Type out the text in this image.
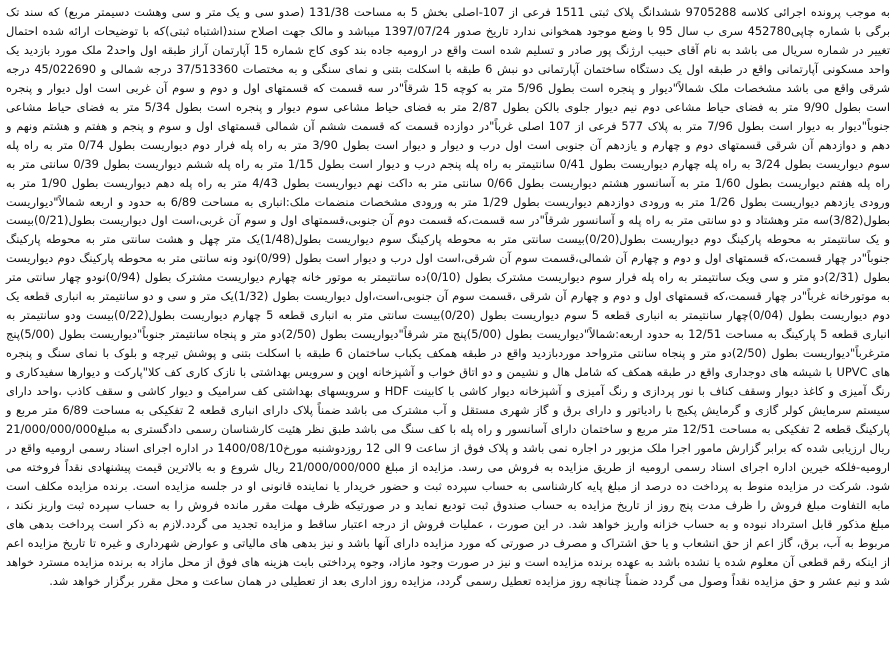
به موجب پرونده اجرائی کلاسه 9705288 ششدانگ پلاک ثبتی 1511 فرعی از 107-اصلی بخش 5 به مساحت 131/38 (صدو سی و یک متر و سی وهشت دسیمتر مربع) که سند تک برگی با شماره چاپی452780 سری ب سال 95 با وضع موجود همخوانی ندارد تاریخ صدور 1397/07/24 میباشد و مالک جهت اصلاح سند(اشتباه ثبتی)که با توضیحات ارائه شده احتمال تغییر در شماره سریال می باشد به نام آقای حبیب ارژنگ پور صادر و تسلیم شده است واقع در ارومیه جاده بند کوی کاج شماره 15 آپارتمان آراز طبقه اول واحد2 ملک مورد بازدید یک واحد مسکونی آپارتمانی واقع در طبقه اول یک دستگاه ساختمان آپارتمانی دو نبش 6 طبقه با اسکلت بتنی و نمای سنگی و به مختصات 37/513360 درجه شمالی و 45/022690 درجه شرقی واقع می باشد مشخصات ملک شمالاً"دیوار و پنجره است بطول 5/96 متر به کوچه 15 شرقاً"در سه قسمت که قسمتهای اول و دوم و سوم آن غربی است اول دیوار و پنجره است بطول 9/90 متر به فضای حیاط مشاعی دوم نیم دیوار جلوی بالکن بطول 2/87 متر به فضای حیاط مشاعی سوم دیوار و پنجره است بطول 5/34 متر به فضای حیاط مشاعی جنوباً"دیوار به دیوار است بطول 7/96 متر به پلاک 577 فرعی از 107 اصلی غرباً"در دوازده قسمت که قسمت ششم آن شمالی قسمتهای اول و سوم و پنجم و هفتم و هشتم ونهم و دهم و دوازدهم آن شرقی قسمتهای دوم و چهارم و یازدهم آن جنوبی است اول درب و دیوار و دیوار است بطول 3/90 متر به راه پله فرار دوم دیواریست بطول 0/74 متر به راه پله سوم دیواریست بطول 3/24 به راه پله چهارم دیواریست بطول 0/41 سانتیمتر به راه پله پنجم درب و دیوار است بطول 1/15 متر به راه پله ششم دیواریست بطول 0/39 سانتی متر به راه پله هفتم دیواریست بطول 1/60 متر به آسانسور هشتم دیواریست بطول 0/66 سانتی متر به داکت نهم دیواریست بطول 4/43 متر به راه پله دهم دیواریست بطول 1/90 متر به ورودی یازدهم دیواریست بطول 1/26 متر به ورودی دوازدهم دیواریست بطول 1/29 متر به ورودی مشخصات منضمات ملک:انباری به مساحت 6/89 به حدود و اربعه شمالاً"دیواریست بطول(3/82)سه متر وهشتاد و دو سانتی متر به راه پله و آسانسور شرقاً"در سه قسمت،که قسمت دوم آن جنوبی،قسمتهای اول و سوم آن غربی،است اول دیواریست بطول(0/21)بیست و یک سانتیمتر به محوطه پارکینگ دوم دیواریست بطول(0/20)بیست سانتی متر به محوطه پارکینگ سوم دیواریست بطول(1/48)یک متر چهل و هشت سانتی متر به محوطه پارکینگ جنوباً"در چهار قسمت،که قسمتهای اول و دوم و چهارم آن شمالی،قسمت سوم آن شرقی،است اول درب و دیوار است بطول (0/99)نود ونه سانتی متر به محوطه پارکینگ دوم دیواریست بطول (2/31)دو متر و سی ویک سانتیمتر به راه پله فرار سوم دیواریست مشترک بطول (0/10)ده سانتیمتر به موتور خانه چهارم دیواریست مشترک بطول (0/94)نودو چهار سانتی متر به موتورخانه غرباً"در چهار قسمت،که قسمتهای اول و دوم و چهارم آن شرقی ،قسمت سوم آن جنوبی،است،اول دیواریست بطول (1/32)یک متر و سی و دو سانتیمتر به انباری قطعه یک دوم دیواریست بطول (0/04)چهار سانتیمتر به انباری قطعه 5 سوم دیواریست بطول (0/20)بیست سانتی متر به انباری قطعه 5 چهارم دیواریست بطول(0/22)بیست ودو سانتیمتر به انباری قطعه 5 پارکینگ به مساحت 12/51 به حدود اربعه:شمالاً"دیواریست بطول (5/00)پنج متر شرقاً"دیواریست بطول (2/50)دو متر و پنجاه سانتیمتر جنوباً"دیواریست بطول (5/00)پنج مترغرباً"دیواریست بطول (2/50)دو متر و پنجاه سانتی مترواحد موردبازدید واقع در طبقه همکف یکباب ساختمان 6 طبقه با اسکلت بتنی و پوشش تیرچه و بلوک با نمای سنگ و پنجره های UPVC با شیشه های دوجداری واقع در طبقه همکف که شامل هال و نشیمن و دو اتاق خواب و آشپزخانه اوپن و سرویس بهداشتی با نازک کاری کف کلا"پارکت و دیوارها سفیدکاری و رنگ آمیزی و کاغذ دیوار وسقف کناف با نور پردازی و رنگ آمیزی و آشپزخانه دیوار کاشی با کابینت HDF و سرویسهای بهداشتی کف سرامیک و دیوار کاشی و سقف کاذب ،واحد دارای سیستم سرمایش کولر گازی و گرمایش پکیج با رادیاتور و دارای برق و گاز شهری مستقل و آب مشترک می باشد ضمناً پلاک دارای انباری قطعه 2 تفکیکی به مساحت 6/89 متر مربع و پارکینگ قطعه 2 تفکیکی به مساحت 12/51 متر مربع و ساختمان دارای آسانسور و راه پله با کف سنگ می باشد طبق نظر هئیت کارشناسان رسمی دادگستری به مبلغ21/000/000/000 ریال ارزیابی شده که برابر گزارش مامور اجرا ملک مزبور در اجاره نمی باشد و پلاک فوق از ساعت 9 الی 12 روزدوشنبه مورخ1400/08/10 در اداره اجرای اسناد رسمی ارومیه واقع در ارومیه-فلکه خیرین اداره اجرای اسناد رسمی ارومیه از طریق مزایده به فروش می رسد. مزایده از مبلغ 21/000/000/000 ریال شروع و به بالاترین قیمت پیشنهادی نقداً فروخته می شود. شرکت در مزایده منوط به پرداخت ده درصد از مبلغ پایه کارشناسی به حساب سپرده ثبت و حضور خریدار یا نماینده قانونی او در جلسه مزایده است. برنده مزایده مکلف است مابه التفاوت مبلغ فروش را ظرف مدت پنج روز از تاریخ مزایده به حساب صندوق ثبت تودیع نماید و در صورتیکه ظرف مهلت مقرر مانده فروش را به حساب سپرده ثبت واریز نکند ، مبلغ مذکور قابل استرداد نبوده و به حساب خزانه واریز خواهد شد. در این صورت ، عملیات فروش از درجه اعتبار ساقط و مزایده تجدید می گردد.لازم به ذکر است پرداخت بدهی های مربوط به آب، برق، گاز اعم از حق انشعاب و یا حق اشتراک و مصرف در صورتی که مورد مزایده دارای آنها باشد و نیز بدهی های مالیاتی و عوارض شهرداری و غیره تا تاریخ مزایده اعم از اینکه رقم قطعی آن معلوم شده یا نشده باشد به عهده برنده مزایده است و نیز در صورت وجود مازاد، وجوه پرداختی بابت هزینه های فوق از محل مازاد به برنده مزایده مسترد خواهد شد و نیم عشر و حق مزایده نقداً وصول می گردد ضمناً چنانچه روز مزایده تعطیل رسمی گردد، مزایده روز اداری بعد از تعطیلی در همان ساعت و محل مقرر برگزار خواهد شد.
